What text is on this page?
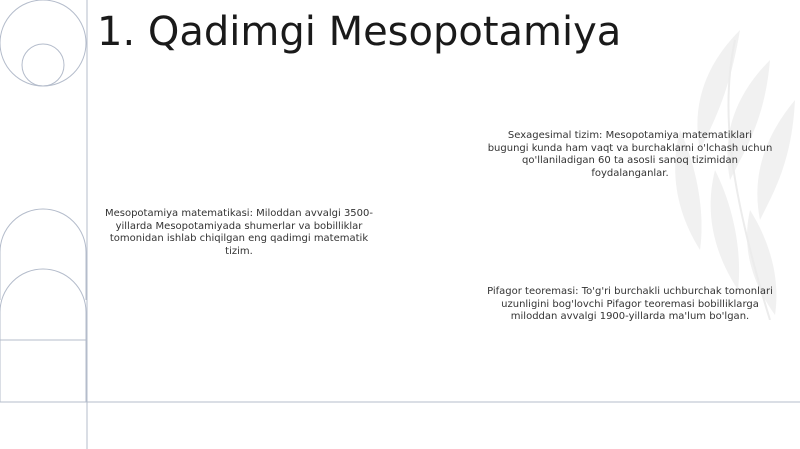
1. Qadimgi Mesopotamiya

Mesopotamiya matematikasi: Miloddan avvalgi 3500-yillarda Mesopotamiyada shumerlar va bobilliklar tomonidan ishlab chiqilgan eng qadimgi matematik tizim.

Sexagesimal tizim: Mesopotamiya matematiklari bugungi kunda ham vaqt va burchaklarni o'lchash uchun qo'llaniladigan 60 ta asosli sanoq tizimidan foydalanganlar.

Pifagor teoremasi: To'g'ri burchakli uchburchak tomonlari uzunligini bog'lovchi Pifagor teoremasi bobilliklarga miloddan avvalgi 1900-yillarda ma'lum bo'lgan.
